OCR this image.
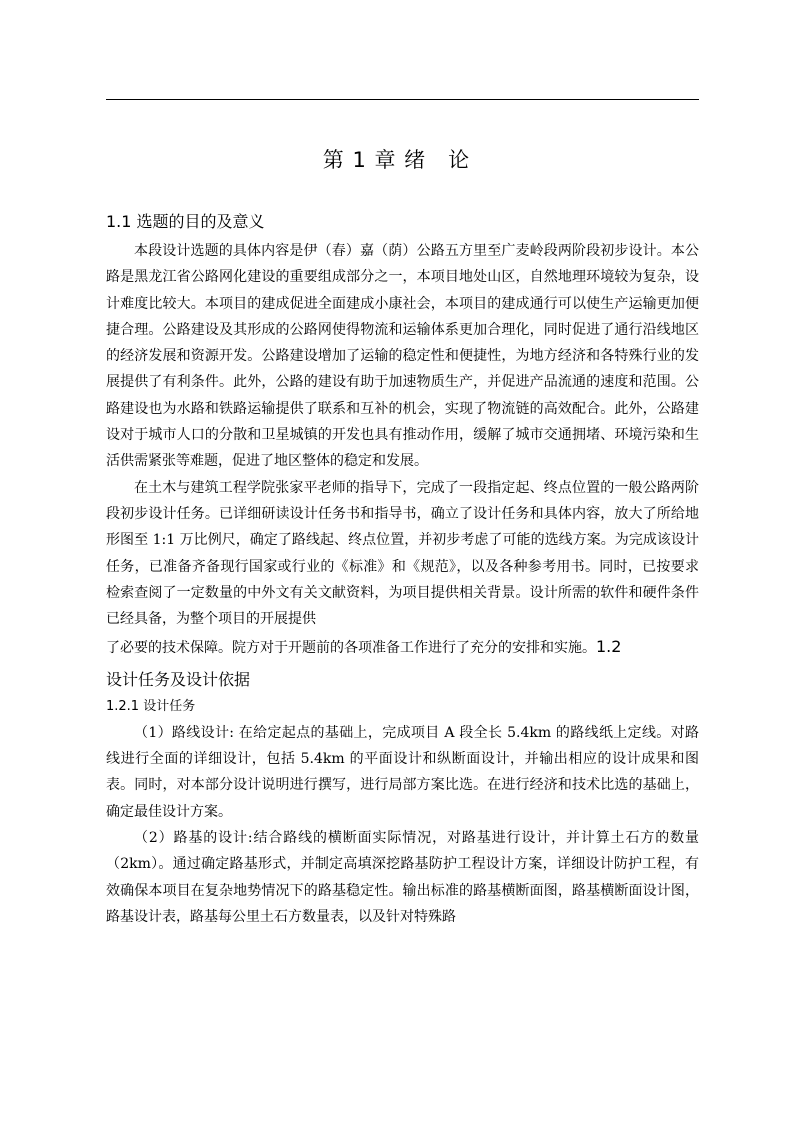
第 1 章 绪　论
1.1 选题的目的及意义

本段设计选题的具体内容是伊（春）嘉（荫）公路五方里至广麦岭段两阶段初步设计。本公路是黑龙江省公路网化建设的重要组成部分之一，本项目地处山区，自然地理环境较为复杂，设计难度比较大。本项目的建成促进全面建成小康社会，本项目的建成通行可以使生产运输更加便捷合理。公路建设及其形成的公路网使得物流和运输体系更加合理化，同时促进了通行沿线地区的经济发展和资源开发。公路建设增加了运输的稳定性和便捷性，为地方经济和各特殊行业的发展提供了有利条件。此外，公路的建设有助于加速物质生产，并促进产品流通的速度和范围。公路建设也为水路和铁路运输提供了联系和互补的机会，实现了物流链的高效配合。此外，公路建设对于城市人口的分散和卫星城镇的开发也具有推动作用，缓解了城市交通拥堵、环境污染和生活供需紧张等难题，促进了地区整体的稳定和发展。

在土木与建筑工程学院张家平老师的指导下，完成了一段指定起、终点位置的一般公路两阶段初步设计任务。已详细研读设计任务书和指导书，确立了设计任务和具体内容，放大了所给地形图至 1:1 万比例尺，确定了路线起、终点位置，并初步考虑了可能的选线方案。为完成该设计任务，已准备齐备现行国家或行业的《标准》和《规范》，以及各种参考用书。同时，已按要求检索查阅了一定数量的中外文有关文献资料，为项目提供相关背景。设计所需的软件和硬件条件已经具备，为整个项目的开展提供

了必要的技术保障。院方对于开题前的各项准备工作进行了充分的安排和实施。1.2

设计任务及设计依据
1.2.1 设计任务

（1）路线设计: 在给定起点的基础上，完成项目 A 段全长 5.4km 的路线纸上定线。对路线进行全面的详细设计，包括 5.4km 的平面设计和纵断面设计，并输出相应的设计成果和图表。同时，对本部分设计说明进行撰写，进行局部方案比选。在进行经济和技术比选的基础上，确定最佳设计方案。

（2）路基的设计:结合路线的横断面实际情况，对路基进行设计，并计算土石方的数量（2km）。通过确定路基形式，并制定高填深挖路基防护工程设计方案，详细设计防护工程，有效确保本项目在复杂地势情况下的路基稳定性。输出标准的路基横断面图，路基横断面设计图，路基设计表，路基每公里土石方数量表，以及针对特殊路
